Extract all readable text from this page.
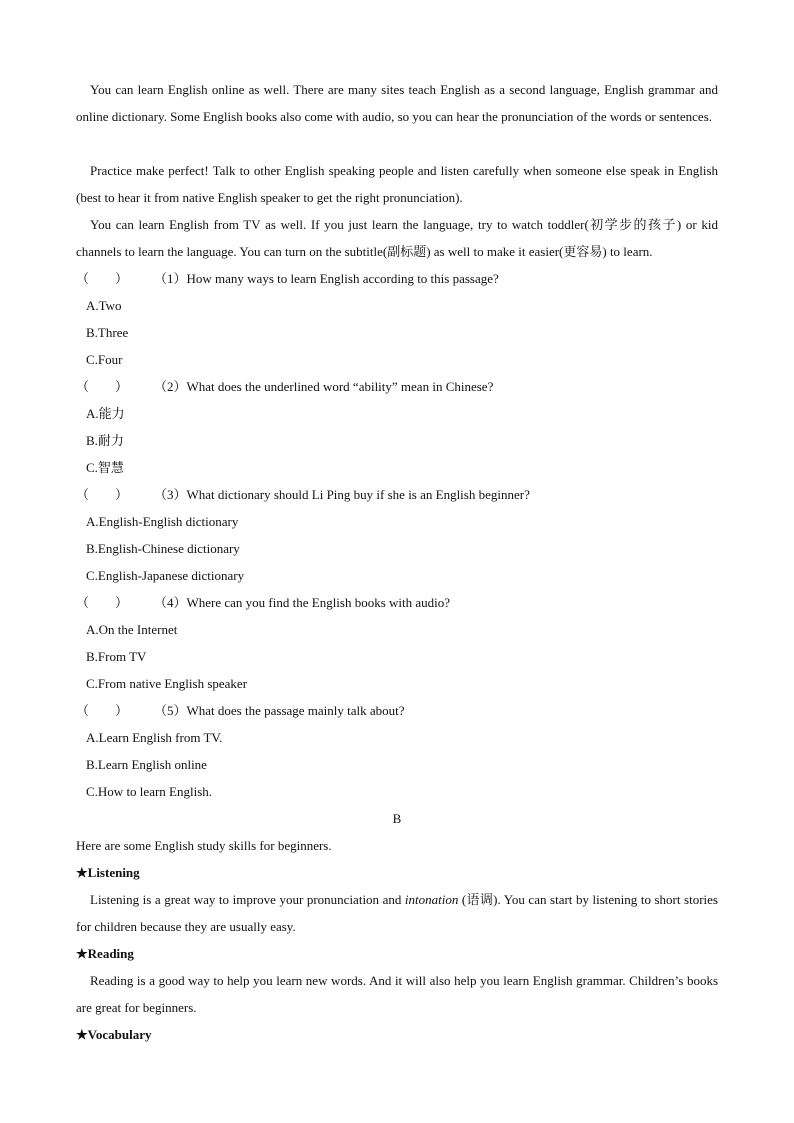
You can learn English online as well. There are many sites teach English as a second language, English grammar and online dictionary. Some English books also come with audio, so you can hear the pronunciation of the words or sentences.

Practice make perfect! Talk to other English speaking people and listen carefully when someone else speak in English (best to hear it from native English speaker to get the right pronunciation).

You can learn English from TV as well. If you just learn the language, try to watch toddler(初学步的孩子) or kid channels to learn the language. You can turn on the subtitle(副标题) as well to make it easier(更容易) to learn.

（　　） （1）How many ways to learn English according to this passage?
A.Two
B.Three
C.Four
（　　） （2）What does the underlined word “ability” mean in Chinese?
A.能力
B.耐力
C.智慧
（　　） （3）What dictionary should Li Ping buy if she is an English beginner?
A.English-English dictionary
B.English-Chinese dictionary
C.English-Japanese dictionary
（　　） （4）Where can you find the English books with audio?
A.On the Internet
B.From TV
C.From native English speaker
（　　） （5）What does the passage mainly talk about?
A.Learn English from TV.
B.Learn English online
C.How to learn English.
B
Here are some English study skills for beginners.
★Listening

Listening is a great way to improve your pronunciation and intonation (语调). You can start by listening to short stories for children because they are usually easy.

★Reading

Reading is a good way to help you learn new words. And it will also help you learn English grammar. Children’s books are great for beginners.

★Vocabulary
